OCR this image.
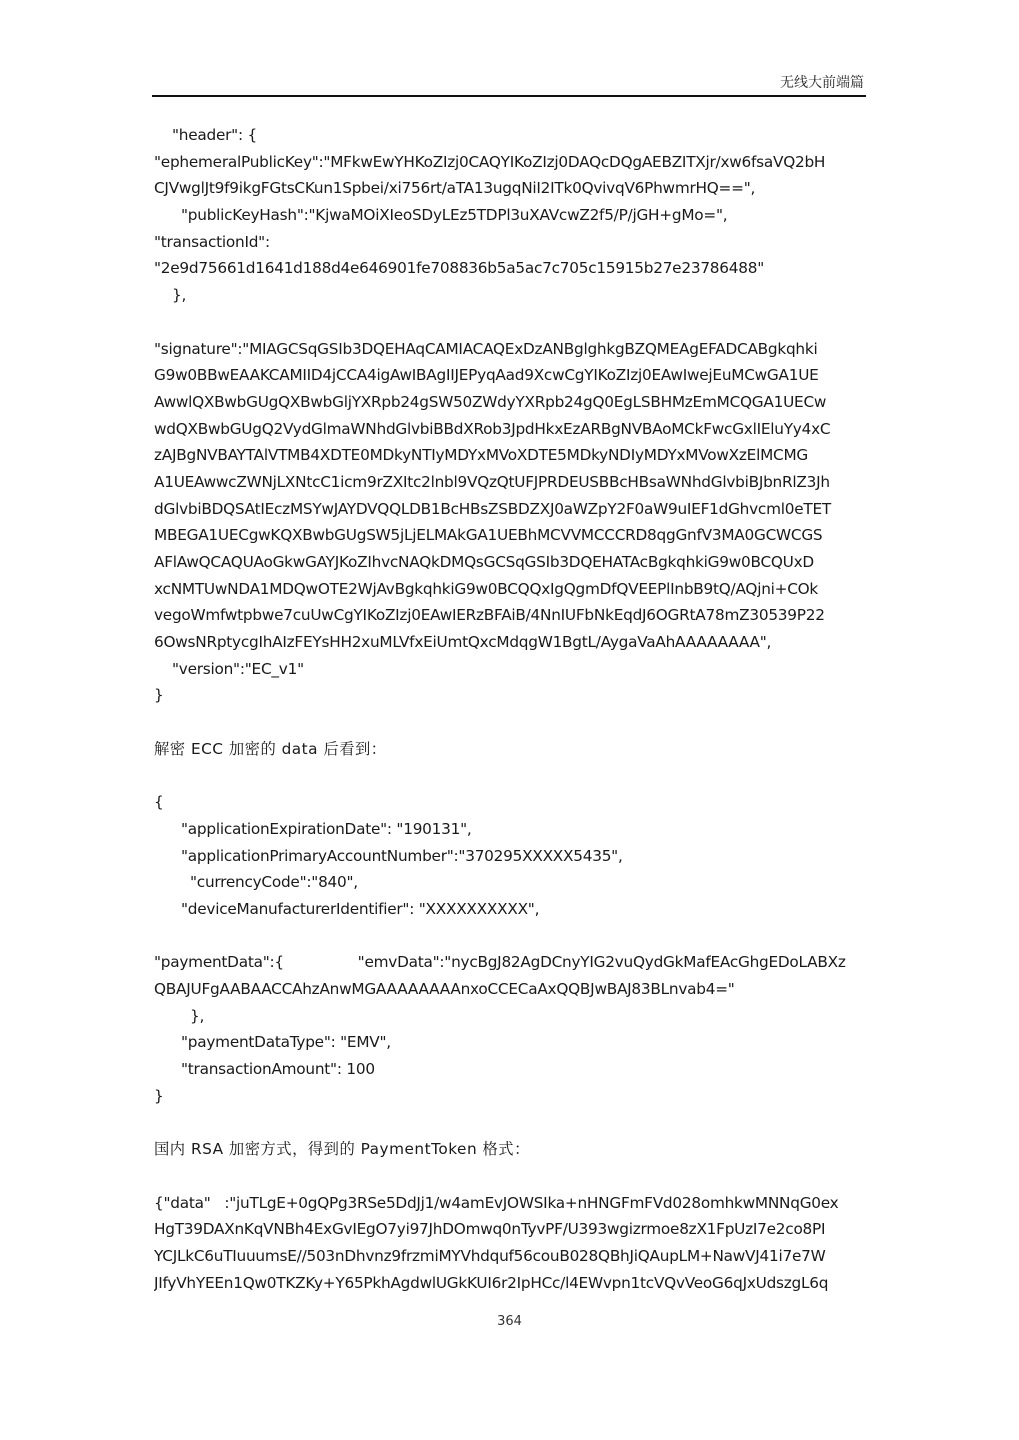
无线大前端篇
"header": {
"ephemeralPublicKey":"MFkwEwYHKoZIzj0CAQYIKoZIzj0DAQcDQgAEBZITXjr/xw6fsaVQ2bH
CJVwglJt9f9ikgFGtsCKun1Spbei/xi756rt/aTA13ugqNiI2ITk0QvivqV6PhwmrHQ==",
"publicKeyHash":"KjwaMOiXIeoSDyLEz5TDPl3uXAVcwZ2f5/P/jGH+gMo=",
"transactionId":
"2e9d75661d1641d188d4e646901fe708836b5a5ac7c705c15915b27e23786488"
},
"signature":"MIAGCSqGSIb3DQEHAqCAMIACAQExDzANBglghkgBZQMEAgEFADCABgkqhki
G9w0BBwEAAKCAMIID4jCCA4igAwIBAgIIJEPyqAad9XcwCgYIKoZIzj0EAwIwejEuMCwGA1UE
AwwlQXBwbGUgQXBwbGljYXRpb24gSW50ZWdyYXRpb24gQ0EgLSBHMzEmMCQGA1UECw
wdQXBwbGUgQ2VydGlmaWNhdGlvbiBBdXRob3JpdHkxEzARBgNVBAoMCkFwcGxlIEluYy4xC
zAJBgNVBAYTAlVTMB4XDTE0MDkyNTIyMDYxMVoXDTE5MDkyNDIyMDYxMVowXzElMCMG
A1UEAwwcZWNjLXNtcC1icm9rZXItc2lnbl9VQzQtUFJPRDEUSBBcHBsaWNhdGlvbiBJbnRlZ3Jh
dGlvbiBDQSAtIEczMSYwJAYDVQQLDB1BcHBsZSBDZXJ0aWZpY2F0aW9uIEF1dGhvcml0eTET
MBEGA1UECgwKQXBwbGUgSW5jLjELMAkGA1UEBhMCVVMCCCRD8qgGnfV3MA0GCWCGS
AFlAwQCAQUAoGkwGAYJKoZIhvcNAQkDMQsGCSqGSIb3DQEHATAcBgkqhkiG9w0BCQUxD
xcNMTUwNDA1MDQwOTE2WjAvBgkqhkiG9w0BCQQxIgQgmDfQVEEPlInbB9tQ/AQjni+COk
vegoWmfwtpbwe7cuUwCgYIKoZIzj0EAwIERzBFAiB/4NnIUFbNkEqdJ6OGRtA78mZ30539P22
6OwsNRptycgIhAIzFEYsHH2xuMLVfxEiUmtQxcMdqgW1BgtL/AygaVaAhAAAAAAAA",
"version":"EC_v1"
}
解密 ECC 加密的 data 后看到：
{
"applicationExpirationDate": "190131",
"applicationPrimaryAccountNumber":"370295XXXXX5435",
"currencyCode":"840",
"deviceManufacturerIdentifier": "XXXXXXXXXX",
"paymentData":{                "emvData":"nycBgJ82AgDCnyYIG2vuQydGkMafEAcGhgEDoLABXz
QBAJUFgAABAACCAhzAnwMGAAAAAAAAnxoCCECaAxQQBJwBAJ83BLnvab4="
},
"paymentDataType": "EMV",
"transactionAmount": 100
}
国内 RSA 加密方式，得到的 PaymentToken 格式：
{"data"   :"juTLgE+0gQPg3RSe5DdJj1/w4amEvJOWSIka+nHNGFmFVd028omhkwMNNqG0ex
HgT39DAXnKqVNBh4ExGvIEgO7yi97JhDOmwq0nTyvPF/U393wgizrmoe8zX1FpUzI7e2co8PI
YCJLkC6uTIuuumsE//503nDhvnz9frzmiMYVhdquf56couB028QBhJiQAupLM+NawVJ41i7e7W
JIfyVhYEEn1Qw0TKZKy+Y65PkhAgdwlUGkKUI6r2IpHCc/l4EWvpn1tcVQvVeoG6qJxUdszgL6q
364
